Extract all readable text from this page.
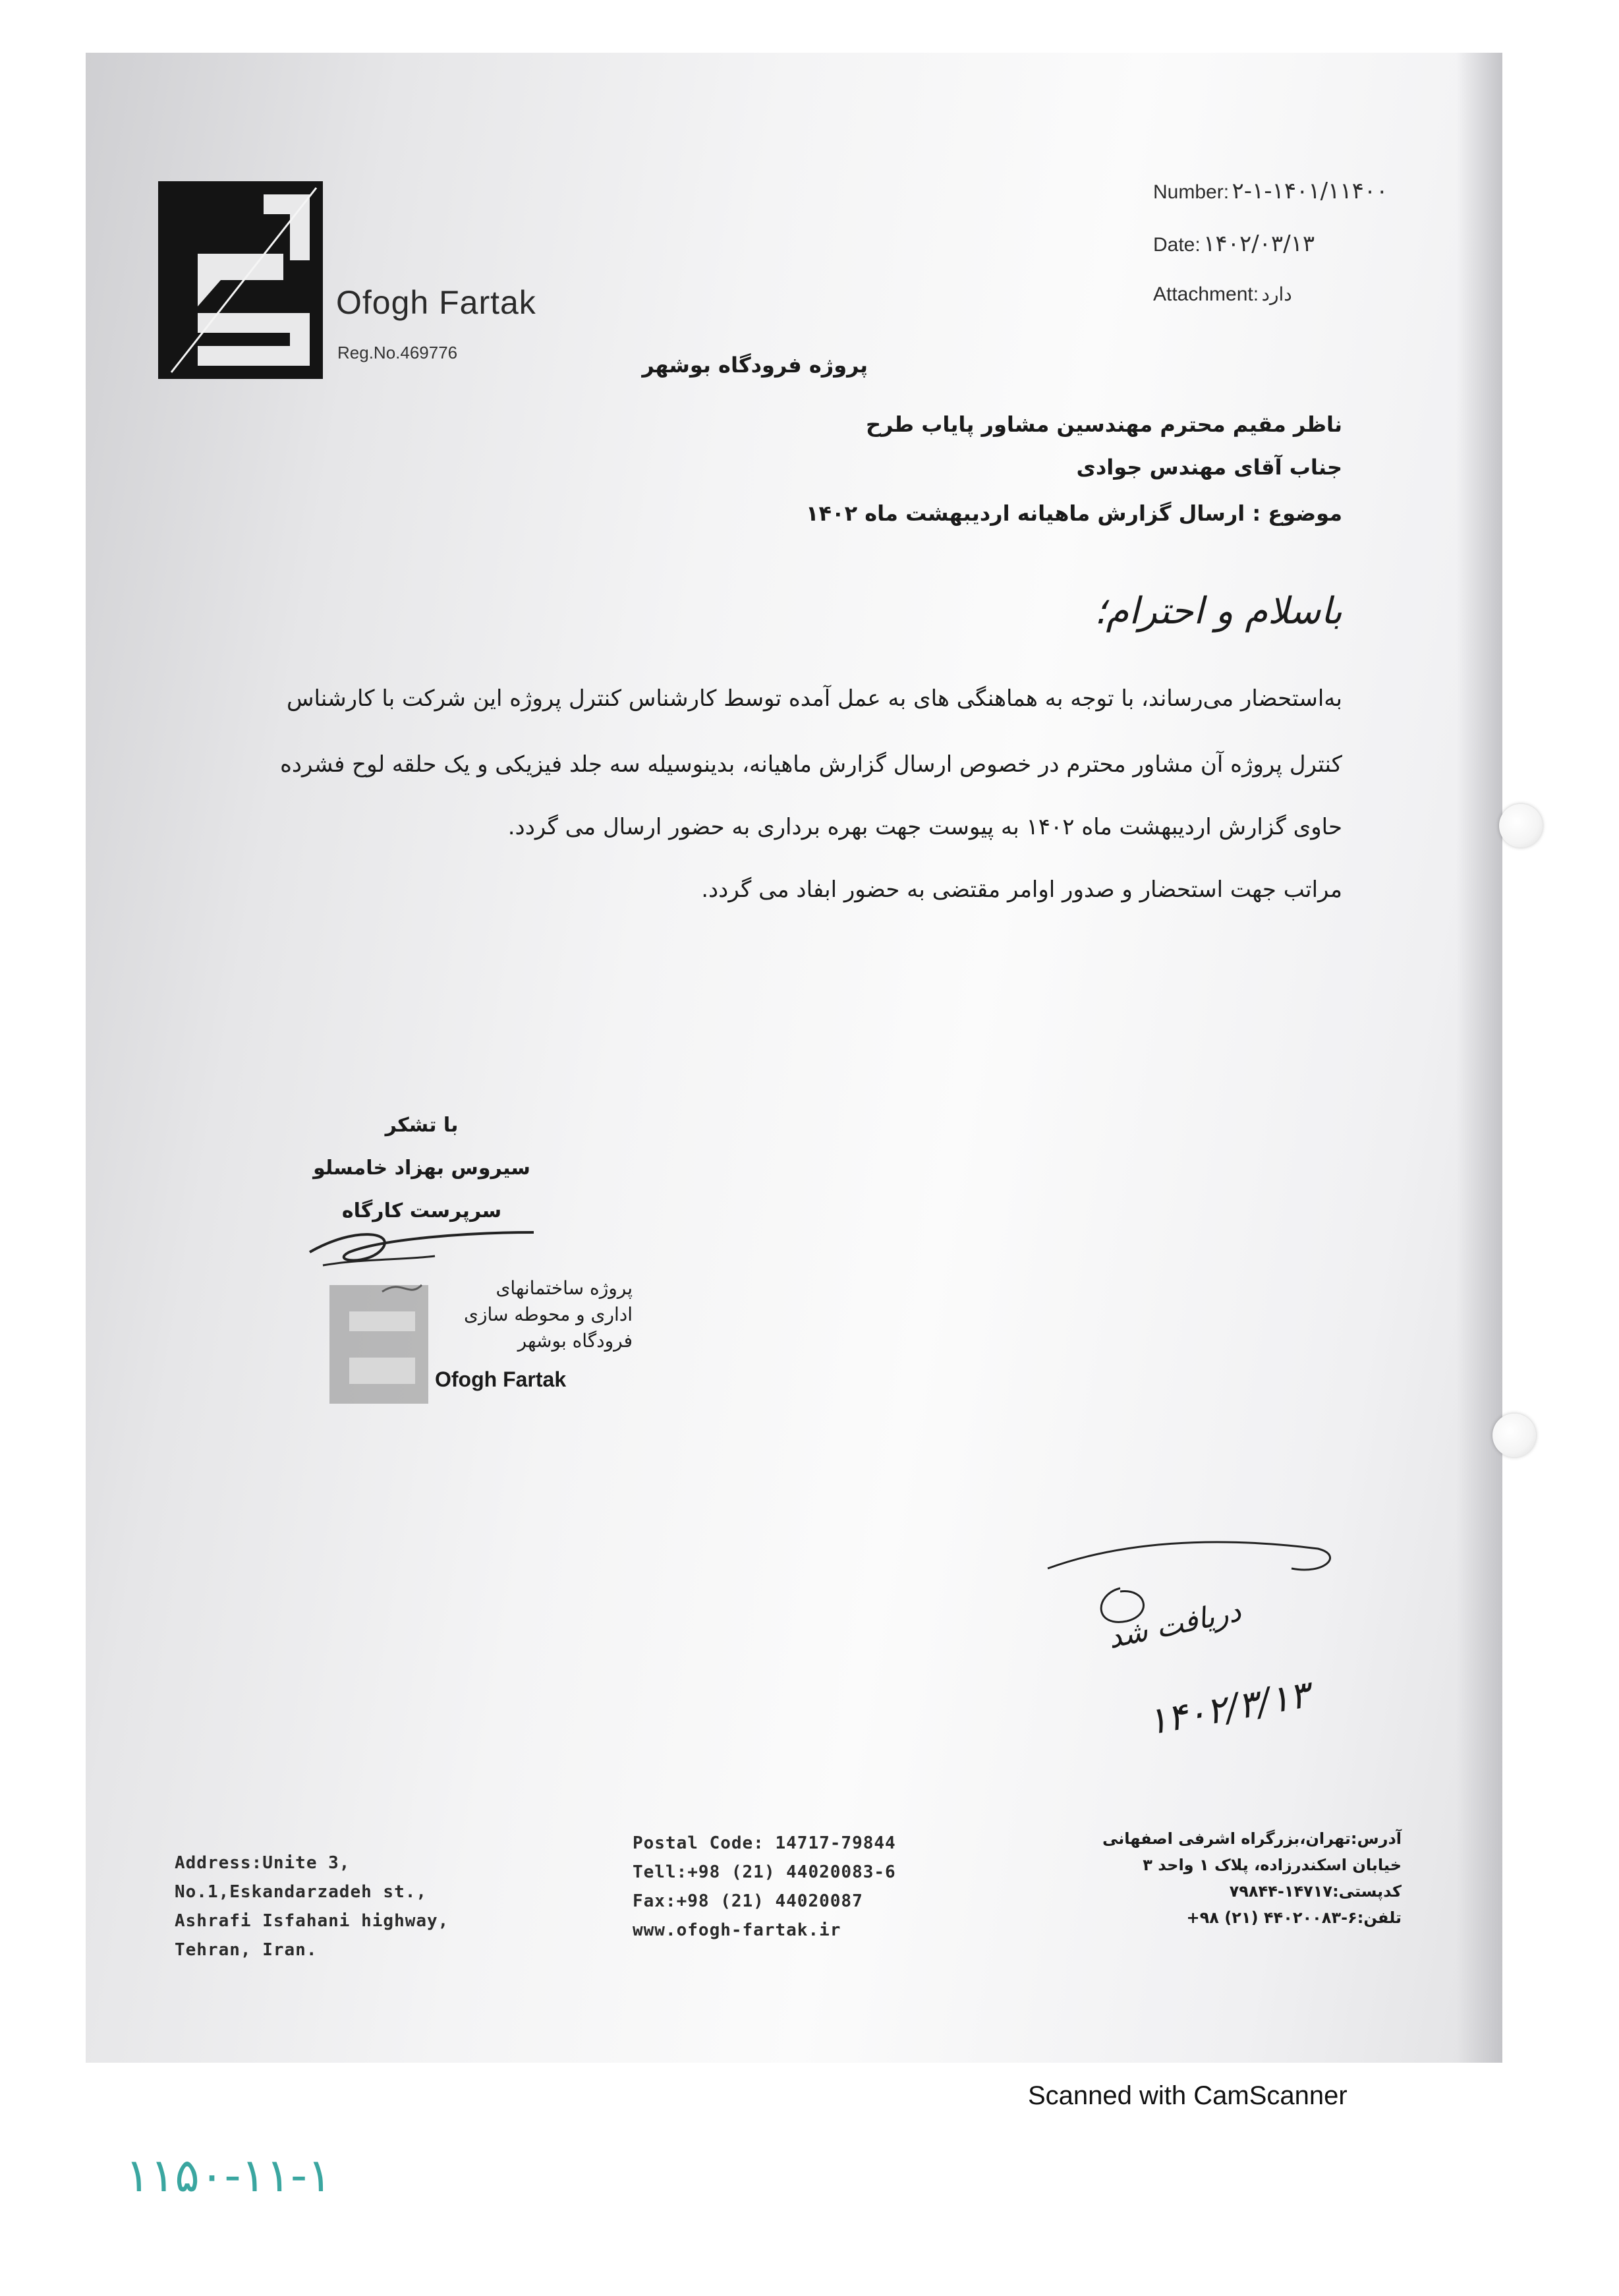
Ofogh Fartak
Reg.No.469776
Number: ۲-۱-۱۴۰۱/۱۱۴۰۰
Date: ۱۴۰۲/۰۳/۱۳
Attachment: دارد
پروژه فرودگاه بوشهر
ناظر مقیم محترم مهندسین مشاور پایاب طرح
جناب آقای مهندس جوادی
موضوع : ارسال گزارش ماهیانه اردیبهشت ماه ۱۴۰۲
باسلام و احترام؛
به‌استحضار می‌رساند، با توجه به هماهنگی های به عمل آمده توسط کارشناس کنترل پروژه این شرکت با کارشناس
کنترل پروژه آن مشاور محترم در خصوص ارسال گزارش ماهیانه، بدینوسیله سه جلد فیزیکی و یک حلقه لوح فشرده
حاوی گزارش اردیبهشت ماه ۱۴۰۲ به پیوست جهت بهره برداری به حضور ارسال می گردد.
مراتب جهت استحضار و صدور اوامر مقتضی به حضور ابفاد می گردد.
با تشکر
سیروس بهزاد خامسلو
سرپرست کارگاه
پروژه ساختمانهای
اداری و محوطه سازی
فرودگاه بوشهر
Ofogh Fartak
دریافت شد
۱۴۰۲/۳/۱۳
Address:Unite 3,
No.1,Eskandarzadeh st.,
Ashrafi Isfahani highway,
Tehran, Iran.
Postal Code: 14717-79844
Tell:+98 (21) 44020083-6
Fax:+98 (21) 44020087
www.ofogh-fartak.ir
آدرس:تهران،بزرگراه اشرفی اصفهانی
خیابان اسکندرزاده، پلاک ۱ واحد ۳
کدپستی:۱۴۷۱۷-۷۹۸۴۴
تلفن:۶-۴۴۰۲۰۰۸۳ (۲۱) ۹۸+
Scanned with CamScanner
۱۱۵۰-۱۱-۱
